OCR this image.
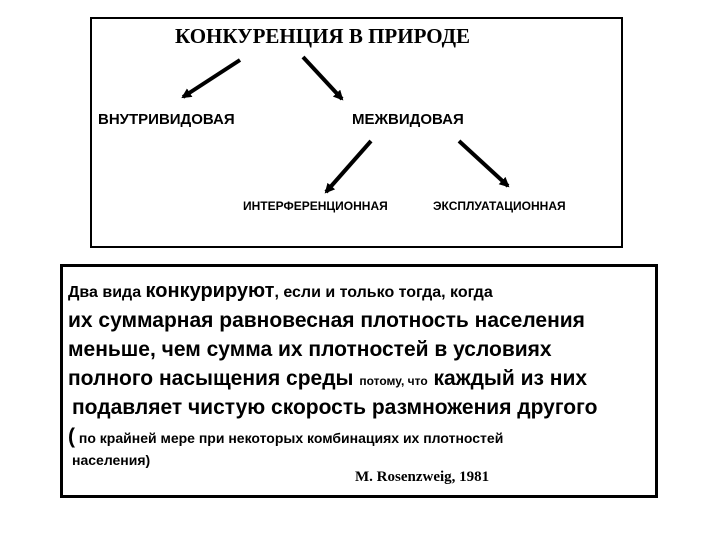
КОНКУРЕНЦИЯ В ПРИРОДЕ
ВНУТРИВИДОВАЯ	МЕЖВИДОВАЯ
ИНТЕРФЕРЕНЦИОННАЯ	ЭКСПЛУАТАЦИОННАЯ
Два вида конкурируют, если и только тогда, когда
их суммарная равновесная плотность населения
меньше, чем сумма их плотностей в условиях
полного насыщения среды потому, что каждый из них
подавляет чистую скорость размножения другого
( по крайней мере при некоторых комбинациях их плотностей
населения)
M. Rosenzweig, 1981
